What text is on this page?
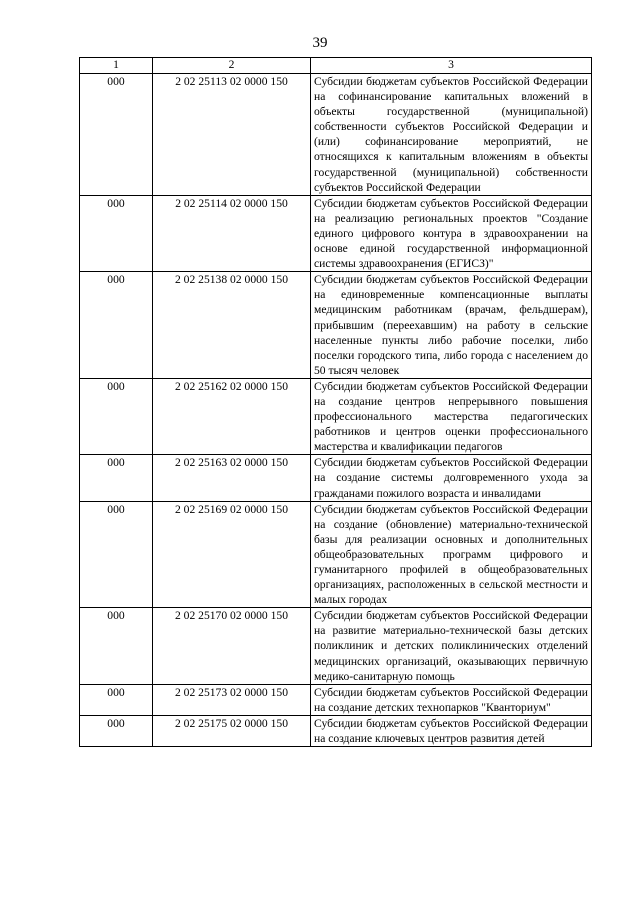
39
1	2	3
000	2 02 25113 02 0000 150	Субсидии бюджетам субъектов Российской Федерации на софинансирование капитальных вложений в объекты государственной (муниципальной) собственности субъектов Российской Федерации и (или) софинансирование мероприятий, не относящихся к капитальным вложениям в объекты государственной (муниципальной) собственности субъектов Российской Федерации
000	2 02 25114 02 0000 150	Субсидии бюджетам субъектов Российской Федерации на реализацию региональных проектов "Создание единого цифрового контура в здравоохранении на основе единой государственной информационной системы здравоохранения (ЕГИСЗ)"
000	2 02 25138 02 0000 150	Субсидии бюджетам субъектов Российской Федерации на единовременные компенсационные выплаты медицинским работникам (врачам, фельдшерам), прибывшим (переехавшим) на работу в сельские населенные пункты либо рабочие поселки, либо поселки городского типа, либо города с населением до 50 тысяч человек
000	2 02 25162 02 0000 150	Субсидии бюджетам субъектов Российской Федерации на создание центров непрерывного повышения профессионального мастерства педагогических работников и центров оценки профессионального мастерства и квалификации педагогов
000	2 02 25163 02 0000 150	Субсидии бюджетам субъектов Российской Федерации на создание системы долговременного ухода за гражданами пожилого возраста и инвалидами
000	2 02 25169 02 0000 150	Субсидии бюджетам субъектов Российской Федерации на создание (обновление) материально-технической базы для реализации основных и дополнительных общеобразовательных программ цифрового и гуманитарного профилей в общеобразовательных организациях, расположенных в сельской местности и малых городах
000	2 02 25170 02 0000 150	Субсидии бюджетам субъектов Российской Федерации на развитие материально-технической базы детских поликлиник и детских поликлинических отделений медицинских организаций, оказывающих первичную медико-санитарную помощь
000	2 02 25173 02 0000 150	Субсидии бюджетам субъектов Российской Федерации на создание детских технопарков "Кванториум"
000	2 02 25175 02 0000 150	Субсидии бюджетам субъектов Российской Федерации на создание ключевых центров развития детей
